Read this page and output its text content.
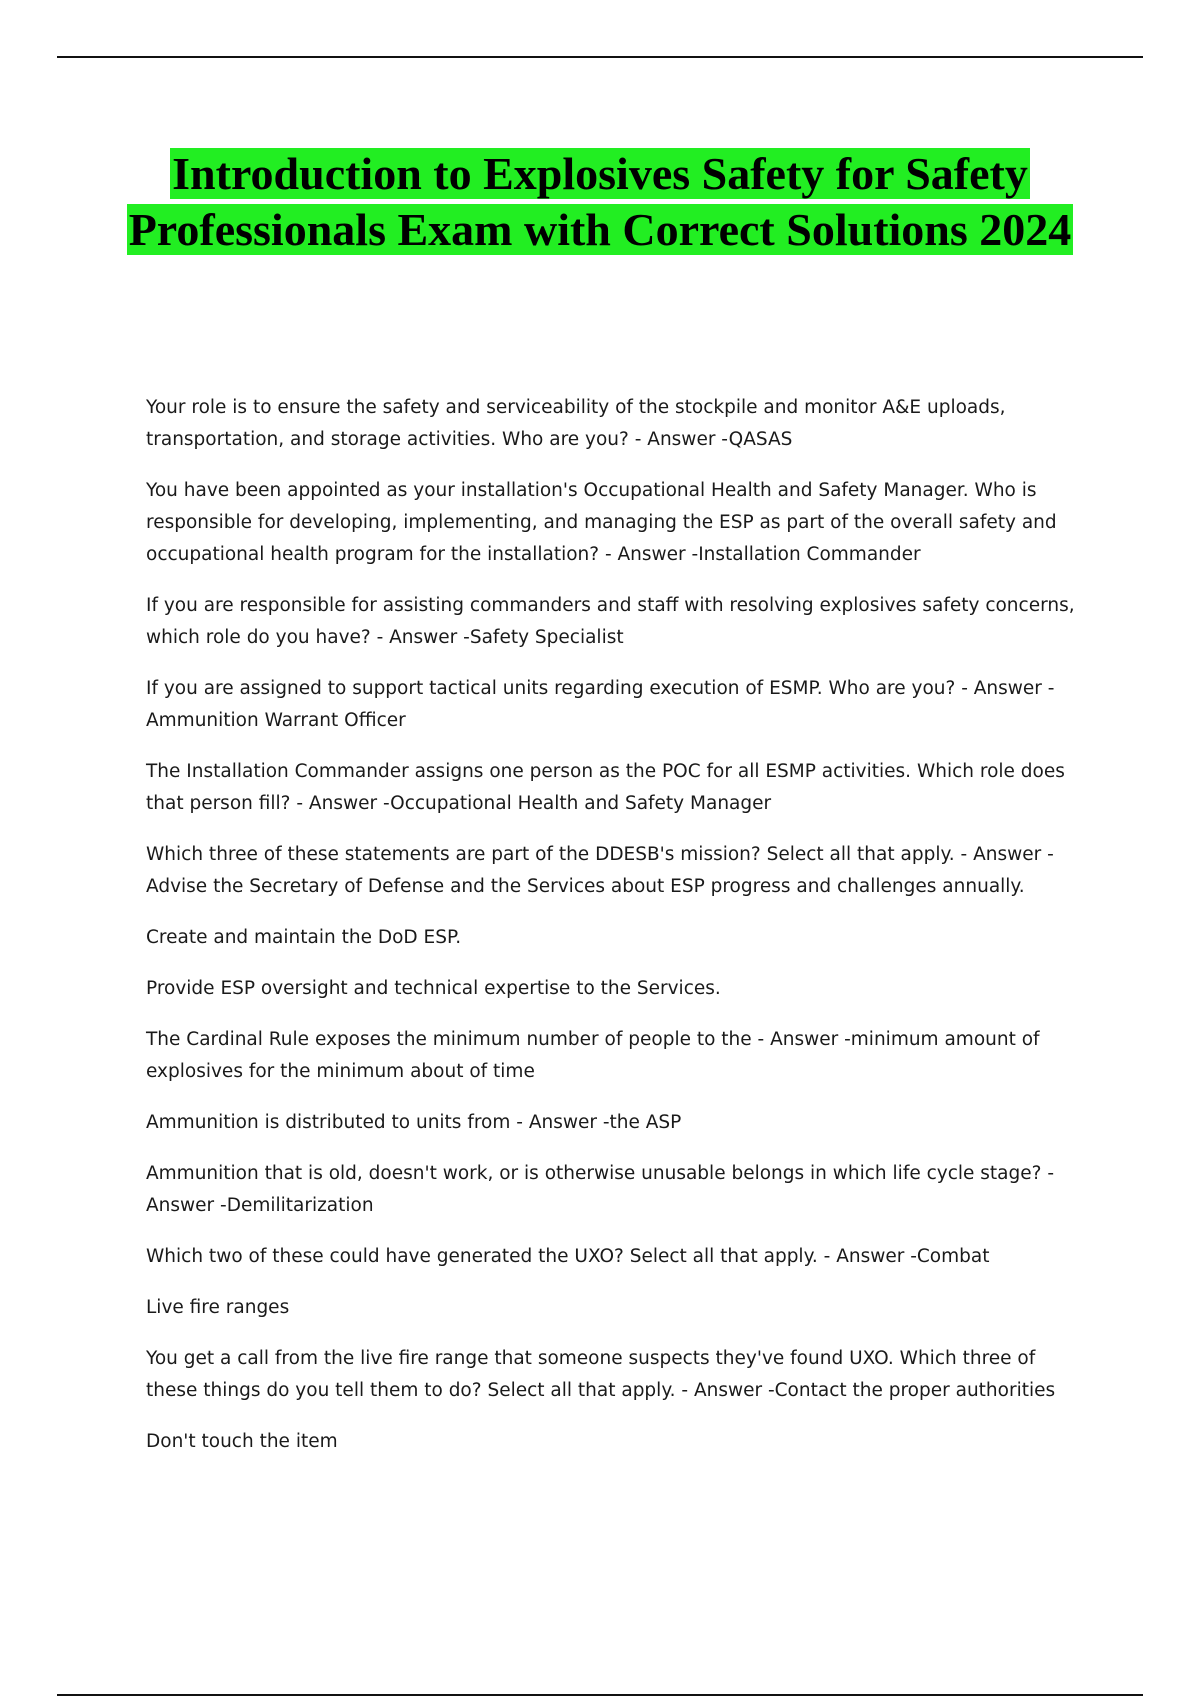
Introduction to Explosives Safety for Safety Professionals Exam with Correct Solutions 2024

Your role is to ensure the safety and serviceability of the stockpile and monitor A&E uploads, transportation, and storage activities. Who are you? - Answer -QASAS

You have been appointed as your installation's Occupational Health and Safety Manager. Who is responsible for developing, implementing, and managing the ESP as part of the overall safety and occupational health program for the installation? - Answer -Installation Commander

If you are responsible for assisting commanders and staff with resolving explosives safety concerns, which role do you have? - Answer -Safety Specialist

If you are assigned to support tactical units regarding execution of ESMP. Who are you? - Answer -Ammunition Warrant Officer

The Installation Commander assigns one person as the POC for all ESMP activities. Which role does that person fill? - Answer -Occupational Health and Safety Manager

Which three of these statements are part of the DDESB's mission? Select all that apply. - Answer -Advise the Secretary of Defense and the Services about ESP progress and challenges annually.

Create and maintain the DoD ESP.

Provide ESP oversight and technical expertise to the Services.

The Cardinal Rule exposes the minimum number of people to the - Answer -minimum amount of explosives for the minimum about of time

Ammunition is distributed to units from - Answer -the ASP

Ammunition that is old, doesn't work, or is otherwise unusable belongs in which life cycle stage? - Answer -Demilitarization

Which two of these could have generated the UXO? Select all that apply. - Answer -Combat

Live fire ranges

You get a call from the live fire range that someone suspects they've found UXO. Which three of these things do you tell them to do? Select all that apply. - Answer -Contact the proper authorities

Don't touch the item
